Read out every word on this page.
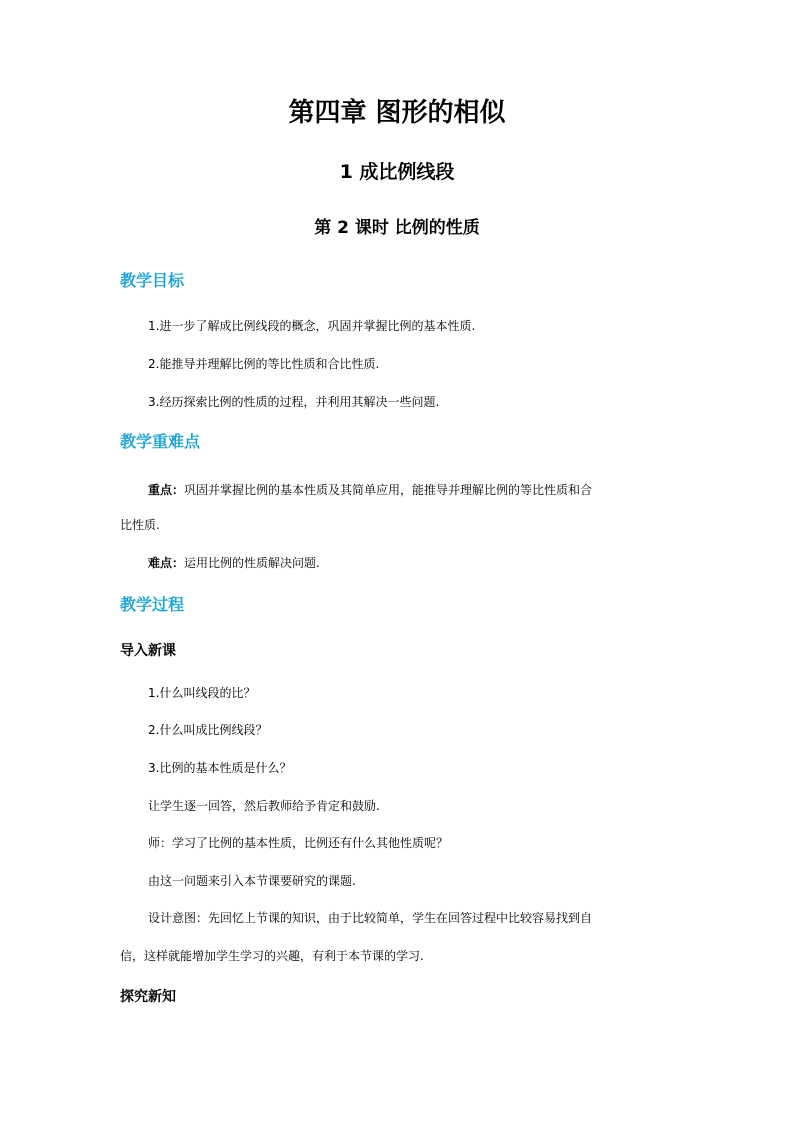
第四章 图形的相似
1 成比例线段
第 2 课时 比例的性质
教学目标
1.进一步了解成比例线段的概念，巩固并掌握比例的基本性质.
2.能推导并理解比例的等比性质和合比性质.
3.经历探索比例的性质的过程，并利用其解决一些问题.
教学重难点
重点：巩固并掌握比例的基本性质及其简单应用，能推导并理解比例的等比性质和合
比性质.
难点：运用比例的性质解决问题.
教学过程
导入新课
1.什么叫线段的比？
2.什么叫成比例线段？
3.比例的基本性质是什么？
让学生逐一回答，然后教师给予肯定和鼓励.
师：学习了比例的基本性质，比例还有什么其他性质呢？
由这一问题来引入本节课要研究的课题.
设计意图：先回忆上节课的知识，由于比较简单，学生在回答过程中比较容易找到自
信，这样就能增加学生学习的兴趣，有利于本节课的学习.
探究新知
